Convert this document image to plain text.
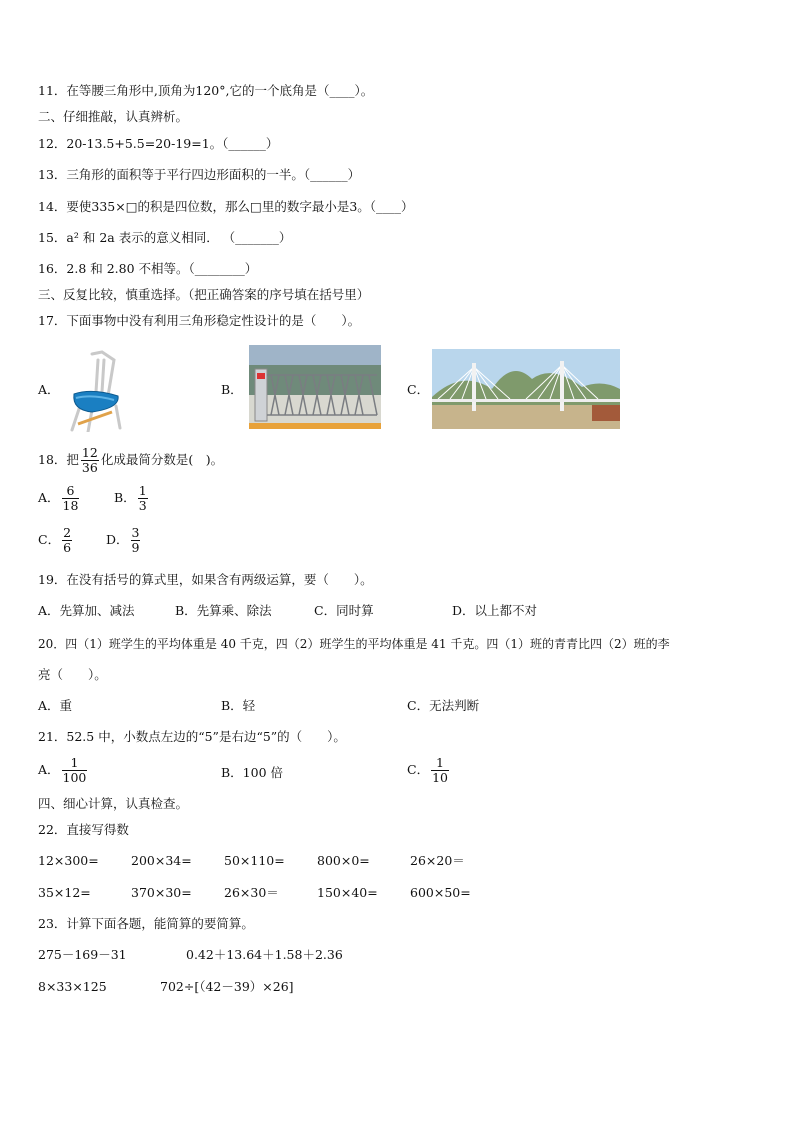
11．在等腰三角形中,顶角为120°,它的一个底角是（____）。
二、仔细推敲，认真辨析。
12．20-13.5+5.5=20-19=1。（______）
13．三角形的面积等于平行四边形面积的一半。（______）
14．要使335×□的积是四位数，那么□里的数字最小是3。（____）
15．a² 和 2a 表示的意义相同． （_______）
16．2.8 和 2.80 不相等。（________）
三、反复比较，慎重选择。（把正确答案的序号填在括号里）
17．下面事物中没有利用三角形稳定性设计的是（　　）。
A．	B．	C．
18．把 $\frac{12}{36}$ 化成最简分数是(　)。
A． $\frac{6}{18}$	B． $\frac{1}{3}$
C． $\frac{2}{6}$	D． $\frac{3}{9}$
19．在没有括号的算式里，如果含有两级运算，要（　　）。
A．先算加、减法	B．先算乘、除法	C．同时算	D．以上都不对
20．四（1）班学生的平均体重是 40 千克，四（2）班学生的平均体重是 41 千克。四（1）班的青青比四（2）班的李
亮（　　）。
A．重	B．轻	C．无法判断
21．52.5 中，小数点左边的“5”是右边“5”的（　　）。
A． $\frac{1}{100}$	B．100 倍	C． $\frac{1}{10}$
四、细心计算，认真检查。
22．直接写得数
12×300=	200×34=	50×110=	800×0=	26×20＝
35×12=	370×30=	26×30＝	150×40=	600×50=
23．计算下面各题，能简算的要简算。
275－169－31	0.42＋13.64＋1.58＋2.36
8×33×125	702÷[（42－39）×26]
